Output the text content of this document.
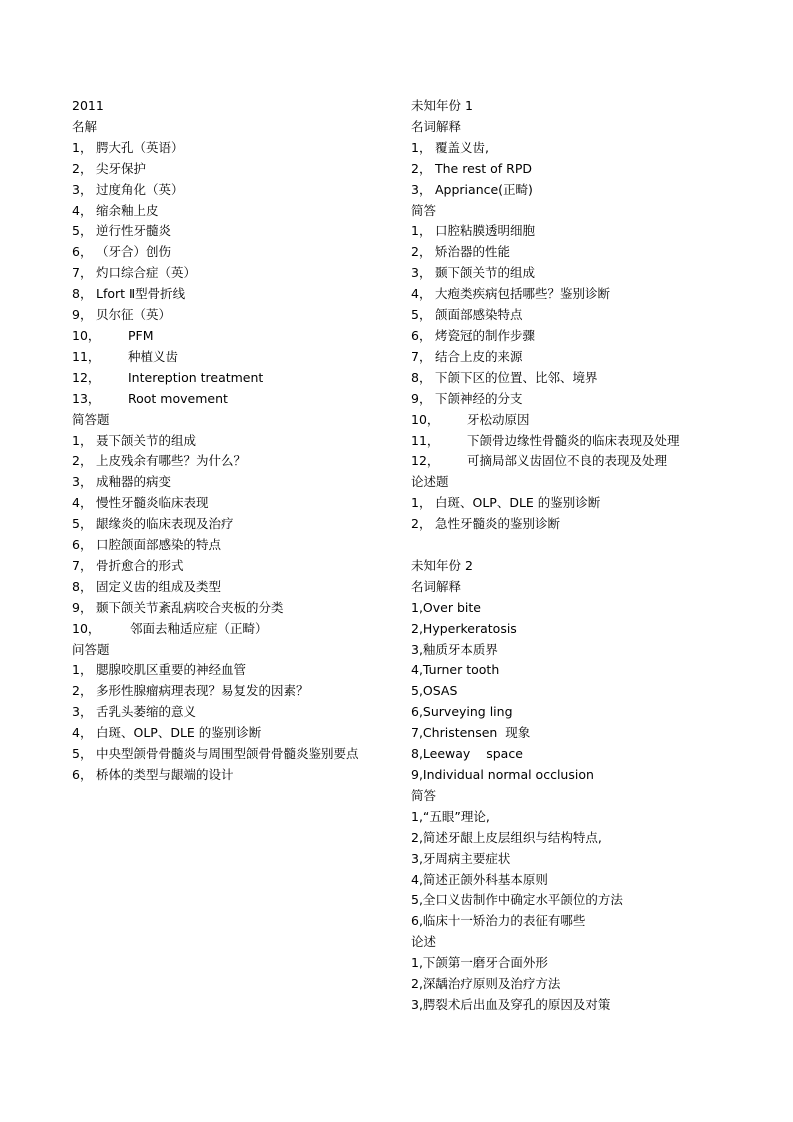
2011
名解
1， 腭大孔（英语）
2， 尖牙保护
3， 过度角化（英）
4， 缩余釉上皮
5， 逆行性牙髓炎
6， （牙合）创伤
7， 灼口综合症（英）
8， Lfort Ⅱ型骨折线
9， 贝尔征（英）
10，	PFM
11，	种植义齿
12，	Intereption treatment
13，	Root movement
简答题
1， 聂下颌关节的组成
2， 上皮残余有哪些？为什么？
3， 成釉器的病变
4， 慢性牙髓炎临床表现
5， 龈缘炎的临床表现及治疗
6， 口腔颌面部感染的特点
7， 骨折愈合的形式
8， 固定义齿的组成及类型
9， 颞下颌关节紊乱病咬合夹板的分类
10，	邻面去釉适应症（正畸）
问答题
1， 腮腺咬肌区重要的神经血管
2， 多形性腺瘤病理表现？易复发的因素？
3， 舌乳头萎缩的意义
4， 白斑、OLP、DLE 的鉴别诊断
5， 中央型颌骨骨髓炎与周围型颌骨骨髓炎鉴别要点
6， 桥体的类型与龈端的设计
未知年份 1
名词解释
1， 覆盖义齿,
2， The rest of RPD
3， Appriance(正畸)
简答
1， 口腔粘膜透明细胞
2， 矫治器的性能
3， 颞下颌关节的组成
4， 大疱类疾病包括哪些？鉴别诊断
5， 颌面部感染特点
6， 烤瓷冠的制作步骤
7， 结合上皮的来源
8， 下颌下区的位置、比邻、境界
9， 下颌神经的分支
10，	牙松动原因
11，	下颌骨边缘性骨髓炎的临床表现及处理
12，	可摘局部义齿固位不良的表现及处理
论述题
1， 白斑、OLP、DLE 的鉴别诊断
2， 急性牙髓炎的鉴别诊断
未知年份 2
名词解释
1,Over bite
2,Hyperkeratosis
3,釉质牙本质界
4,Turner tooth
5,OSAS
6,Surveying ling
7,Christensen  现象
8,Leeway    space
9,Individual normal occlusion
简答
1,“五眼”理论,
2,简述牙龈上皮层组织与结构特点,
3,牙周病主要症状
4,简述正颌外科基本原则
5,全口义齿制作中确定水平颌位的方法
6,临床十一矫治力的表征有哪些
论述
1,下颌第一磨牙合面外形
2,深龋治疗原则及治疗方法
3,腭裂术后出血及穿孔的原因及对策
